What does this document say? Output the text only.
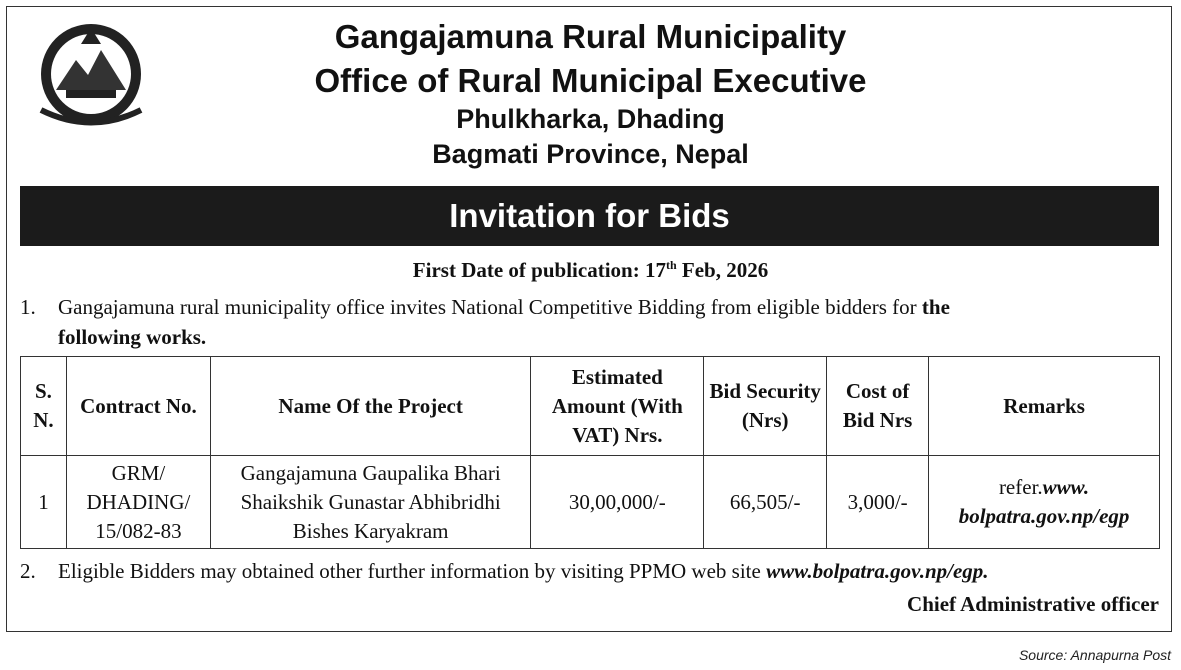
Gangajamuna Rural Municipality
Office of Rural Municipal Executive
Phulkharka, Dhading
Bagmati Province, Nepal
Invitation for Bids
First Date of publication: 17th Feb, 2026
1. Gangajamuna rural municipality office invites National Competitive Bidding from eligible bidders for the
following works.
S. N.	Contract No.	Name Of the Project	Estimated Amount (With VAT) Nrs.	Bid Security (Nrs)	Cost of Bid Nrs	Remarks
1	GRM/ DHADING/ 15/082-83	Gangajamuna Gaupalika Bhari Shaikshik Gunastar Abhibridhi Bishes Karyakram	30,00,000/-	66,505/-	3,000/-	refer.www. bolpatra.gov.np/egp
2. Eligible Bidders may obtained other further information by visiting PPMO web site www.bolpatra.gov.np/egp.
Chief Administrative officer
Source: Annapurna Post
